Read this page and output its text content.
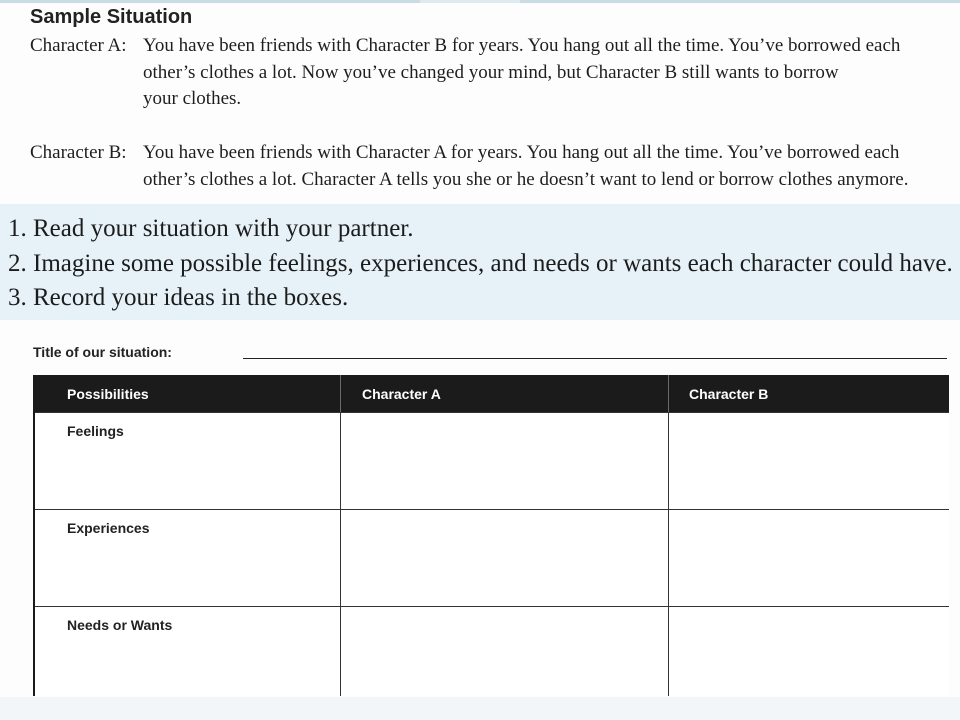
Sample Situation
Character A: You have been friends with Character B for years. You hang out all the time. You’ve borrowed each
other’s clothes a lot. Now you’ve changed your mind, but Character B still wants to borrow
your clothes.
Character B: You have been friends with Character A for years. You hang out all the time. You’ve borrowed each
other’s clothes a lot. Character A tells you she or he doesn’t want to lend or borrow clothes anymore.
1. Read your situation with your partner.
2. Imagine some possible feelings, experiences, and needs or wants each character could have.
3. Record your ideas in the boxes.
Title of our situation:
Possibilities	Character A	Character B
Feelings
Experiences
Needs or Wants
